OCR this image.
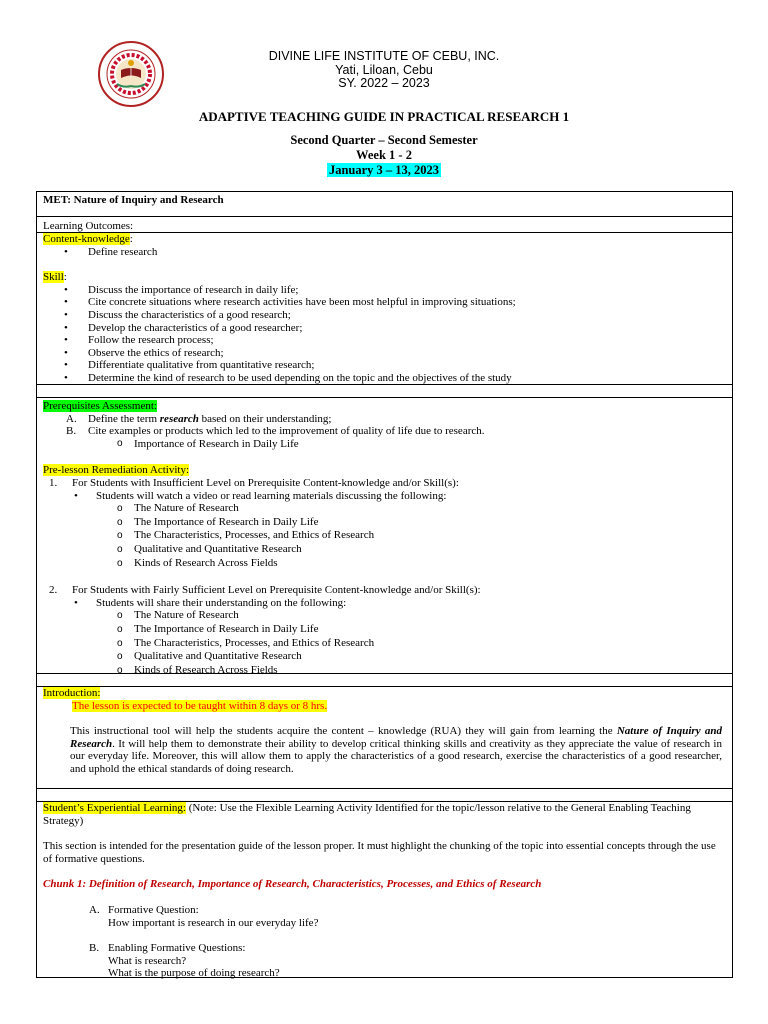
DIVINE LIFE INSTITUTE OF CEBU, INC.
Yati, Liloan, Cebu
SY. 2022 – 2023
ADAPTIVE TEACHING GUIDE IN PRACTICAL RESEARCH 1
Second Quarter – Second Semester
Week 1 - 2
January 3 – 13, 2023
MET: Nature of Inquiry and Research
Learning Outcomes:
Content-knowledge:
• Define research
Skill:
• Discuss the importance of research in daily life;
• Cite concrete situations where research activities have been most helpful in improving situations;
• Discuss the characteristics of a good research;
• Develop the characteristics of a good researcher;
• Follow the research process;
• Observe the ethics of research;
• Differentiate qualitative from quantitative research;
• Determine the kind of research to be used depending on the topic and the objectives of the study
Prerequisites Assessment:
A. Define the term research based on their understanding;
B. Cite examples or products which led to the improvement of quality of life due to research.
o Importance of Research in Daily Life
Pre-lesson Remediation Activity:
1. For Students with Insufficient Level on Prerequisite Content-knowledge and/or Skill(s):
• Students will watch a video or read learning materials discussing the following:
o The Nature of Research
o The Importance of Research in Daily Life
o The Characteristics, Processes, and Ethics of Research
o Qualitative and Quantitative Research
o Kinds of Research Across Fields
2. For Students with Fairly Sufficient Level on Prerequisite Content-knowledge and/or Skill(s):
• Students will share their understanding on the following:
o The Nature of Research
o The Importance of Research in Daily Life
o The Characteristics, Processes, and Ethics of Research
o Qualitative and Quantitative Research
o Kinds of Research Across Fields
Introduction:
The lesson is expected to be taught within 8 days or 8 hrs.
This instructional tool will help the students acquire the content – knowledge (RUA) they will gain from learning the Nature of Inquiry and Research. It will help them to demonstrate their ability to develop critical thinking skills and creativity as they appreciate the value of research in our everyday life. Moreover, this will allow them to apply the characteristics of a good research, exercise the characteristics of a good researcher, and uphold the ethical standards of doing research.
Student’s Experiential Learning: (Note: Use the Flexible Learning Activity Identified for the topic/lesson relative to the General Enabling Teaching Strategy)
This section is intended for the presentation guide of the lesson proper. It must highlight the chunking of the topic into essential concepts through the use of formative questions.
Chunk 1: Definition of Research, Importance of Research, Characteristics, Processes, and Ethics of Research
A. Formative Question:
How important is research in our everyday life?
B. Enabling Formative Questions:
What is research?
What is the purpose of doing research?
